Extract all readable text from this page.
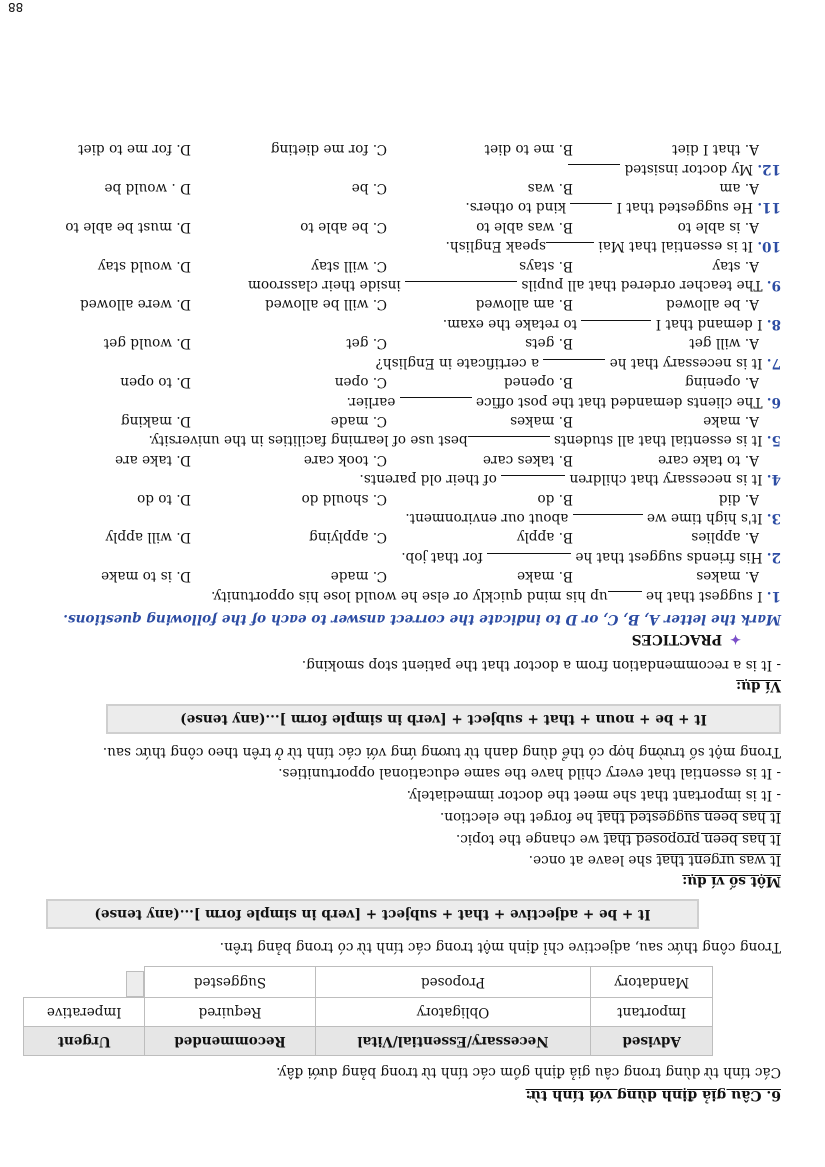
6. Câu giả định dùng với tính từ:

Các tính từ dùng trong câu giả định gồm các tính từ trong bảng dưới đây.

Advised	Necessary/Essential/Vital	Recommended	Urgent
Important	Obligatory	Required	Imperative
Mandatory	Proposed	Suggested	

Trong công thức sau, adjective chỉ định một trong các tính từ có trong bảng trên.

It + be + adjective + that + subject + [verb in simple form ]...(any tense)
Một số ví dụ:

It was urgent that she leave at once.

It has been proposed that we change the topic.

It has been suggested that he forget the election.

- It is important that she meet the doctor immediately.

- It is essential that every child have the same educational opportunities.

Trong một số trường hợp có thể dùng danh từ tương ứng với các tính từ ở trên theo công thức sau.

It + be + noun + that + subject + [verb in simple form ]...(any tense)
Ví dụ:

- It is a recommendation from a doctor that the patient stop smoking.

✦PRACTICES
Mark the letter A, B, C, or D to indicate the correct answer to each of the following questions.

1. I suggest that he up his mind quickly or else he would lose his opportunity.

A. makes
B. make
C. made
D. is to make

2. His friends suggest that he  for that job.

A. applies
B. apply
C. applying
D. will apply

3. It's high time we  about our environment.

A. did
B. do
C. should do
D. to do

4. It is necessary that children  of their old parents.

A. to take care
B. takes care
C. took care
D. take are

5. It is essential that all students best use of learning facilities in the university.

A. make
B. makes
C. made
D. making

6. The clients demanded that the post office  earlier.

A. opening
B. opened
C. open
D. to open

7. It is necessary that he  a certificate in English?

A. will get
B. gets
C. get
D. would get

8. I demand that I  to retake the exam.

A. be allowed
B. am allowed
C. will be allowed
D. were allowed

9. The teacher ordered that all pupils  inside their classroom

A. stay
B. stays
C. will stay
D. would stay

10. It is essential that Mai speak English.

A. is able to
B. was able to
C. be able to
D. must be able to

11. He suggested that I  kind to others.

A. am
B. was
C. be
D . would be

12. My doctor insisted

A. that I diet
B. me to diet
C. for me dieting
D. for me to diet
88
